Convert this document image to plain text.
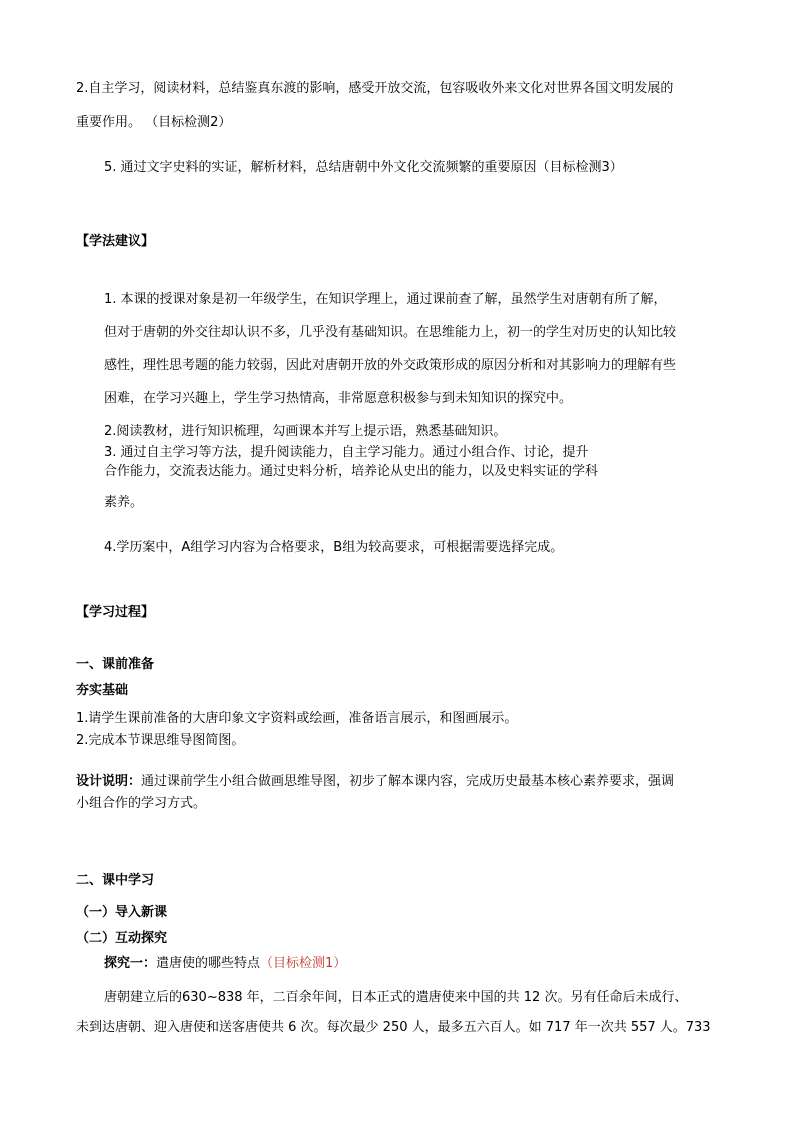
2.自主学习，阅读材料，总结鉴真东渡的影响，感受开放交流，包容吸收外来文化对世界各国文明发展的
重要作用。 （目标检测2）
5. 通过文字史料的实证，解析材料，总结唐朝中外文化交流频繁的重要原因（目标检测3）
【学法建议】
1. 本课的授课对象是初一年级学生，在知识学理上，通过课前查了解，虽然学生对唐朝有所了解，
但对于唐朝的外交往却认识不多，几乎没有基础知识。在思维能力上，初一的学生对历史的认知比较
感性，理性思考题的能力较弱，因此对唐朝开放的外交政策形成的原因分析和对其影响力的理解有些
困难，在学习兴趣上，学生学习热情高，非常愿意积极参与到未知知识的探究中。
2.阅读教材，进行知识梳理，勾画课本并写上提示语，熟悉基础知识。
3. 通过自主学习等方法，提升阅读能力，自主学习能力。通过小组合作、讨论，提升
合作能力，交流表达能力。通过史料分析，培养论从史出的能力，以及史料实证的学科
素养。
4.学历案中，A组学习内容为合格要求，B组为较高要求，可根据需要选择完成。
【学习过程】
一、课前准备
夯实基础
1.请学生课前准备的大唐印象文字资料或绘画，准备语言展示，和图画展示。
2.完成本节课思维导图简图。
设计说明：通过课前学生小组合做画思维导图，初步了解本课内容，完成历史最基本核心素养要求，强调
小组合作的学习方式。
二、课中学习
（一）导入新课
（二）互动探究
探究一：遣唐使的哪些特点（目标检测1）
唐朝建立后的630~838 年，二百余年间，日本正式的遣唐使来中国的共 12 次。另有任命后未成行、
未到达唐朝、迎入唐使和送客唐使共 6 次。每次最少 250 人，最多五六百人。如 717 年一次共 557 人。733
